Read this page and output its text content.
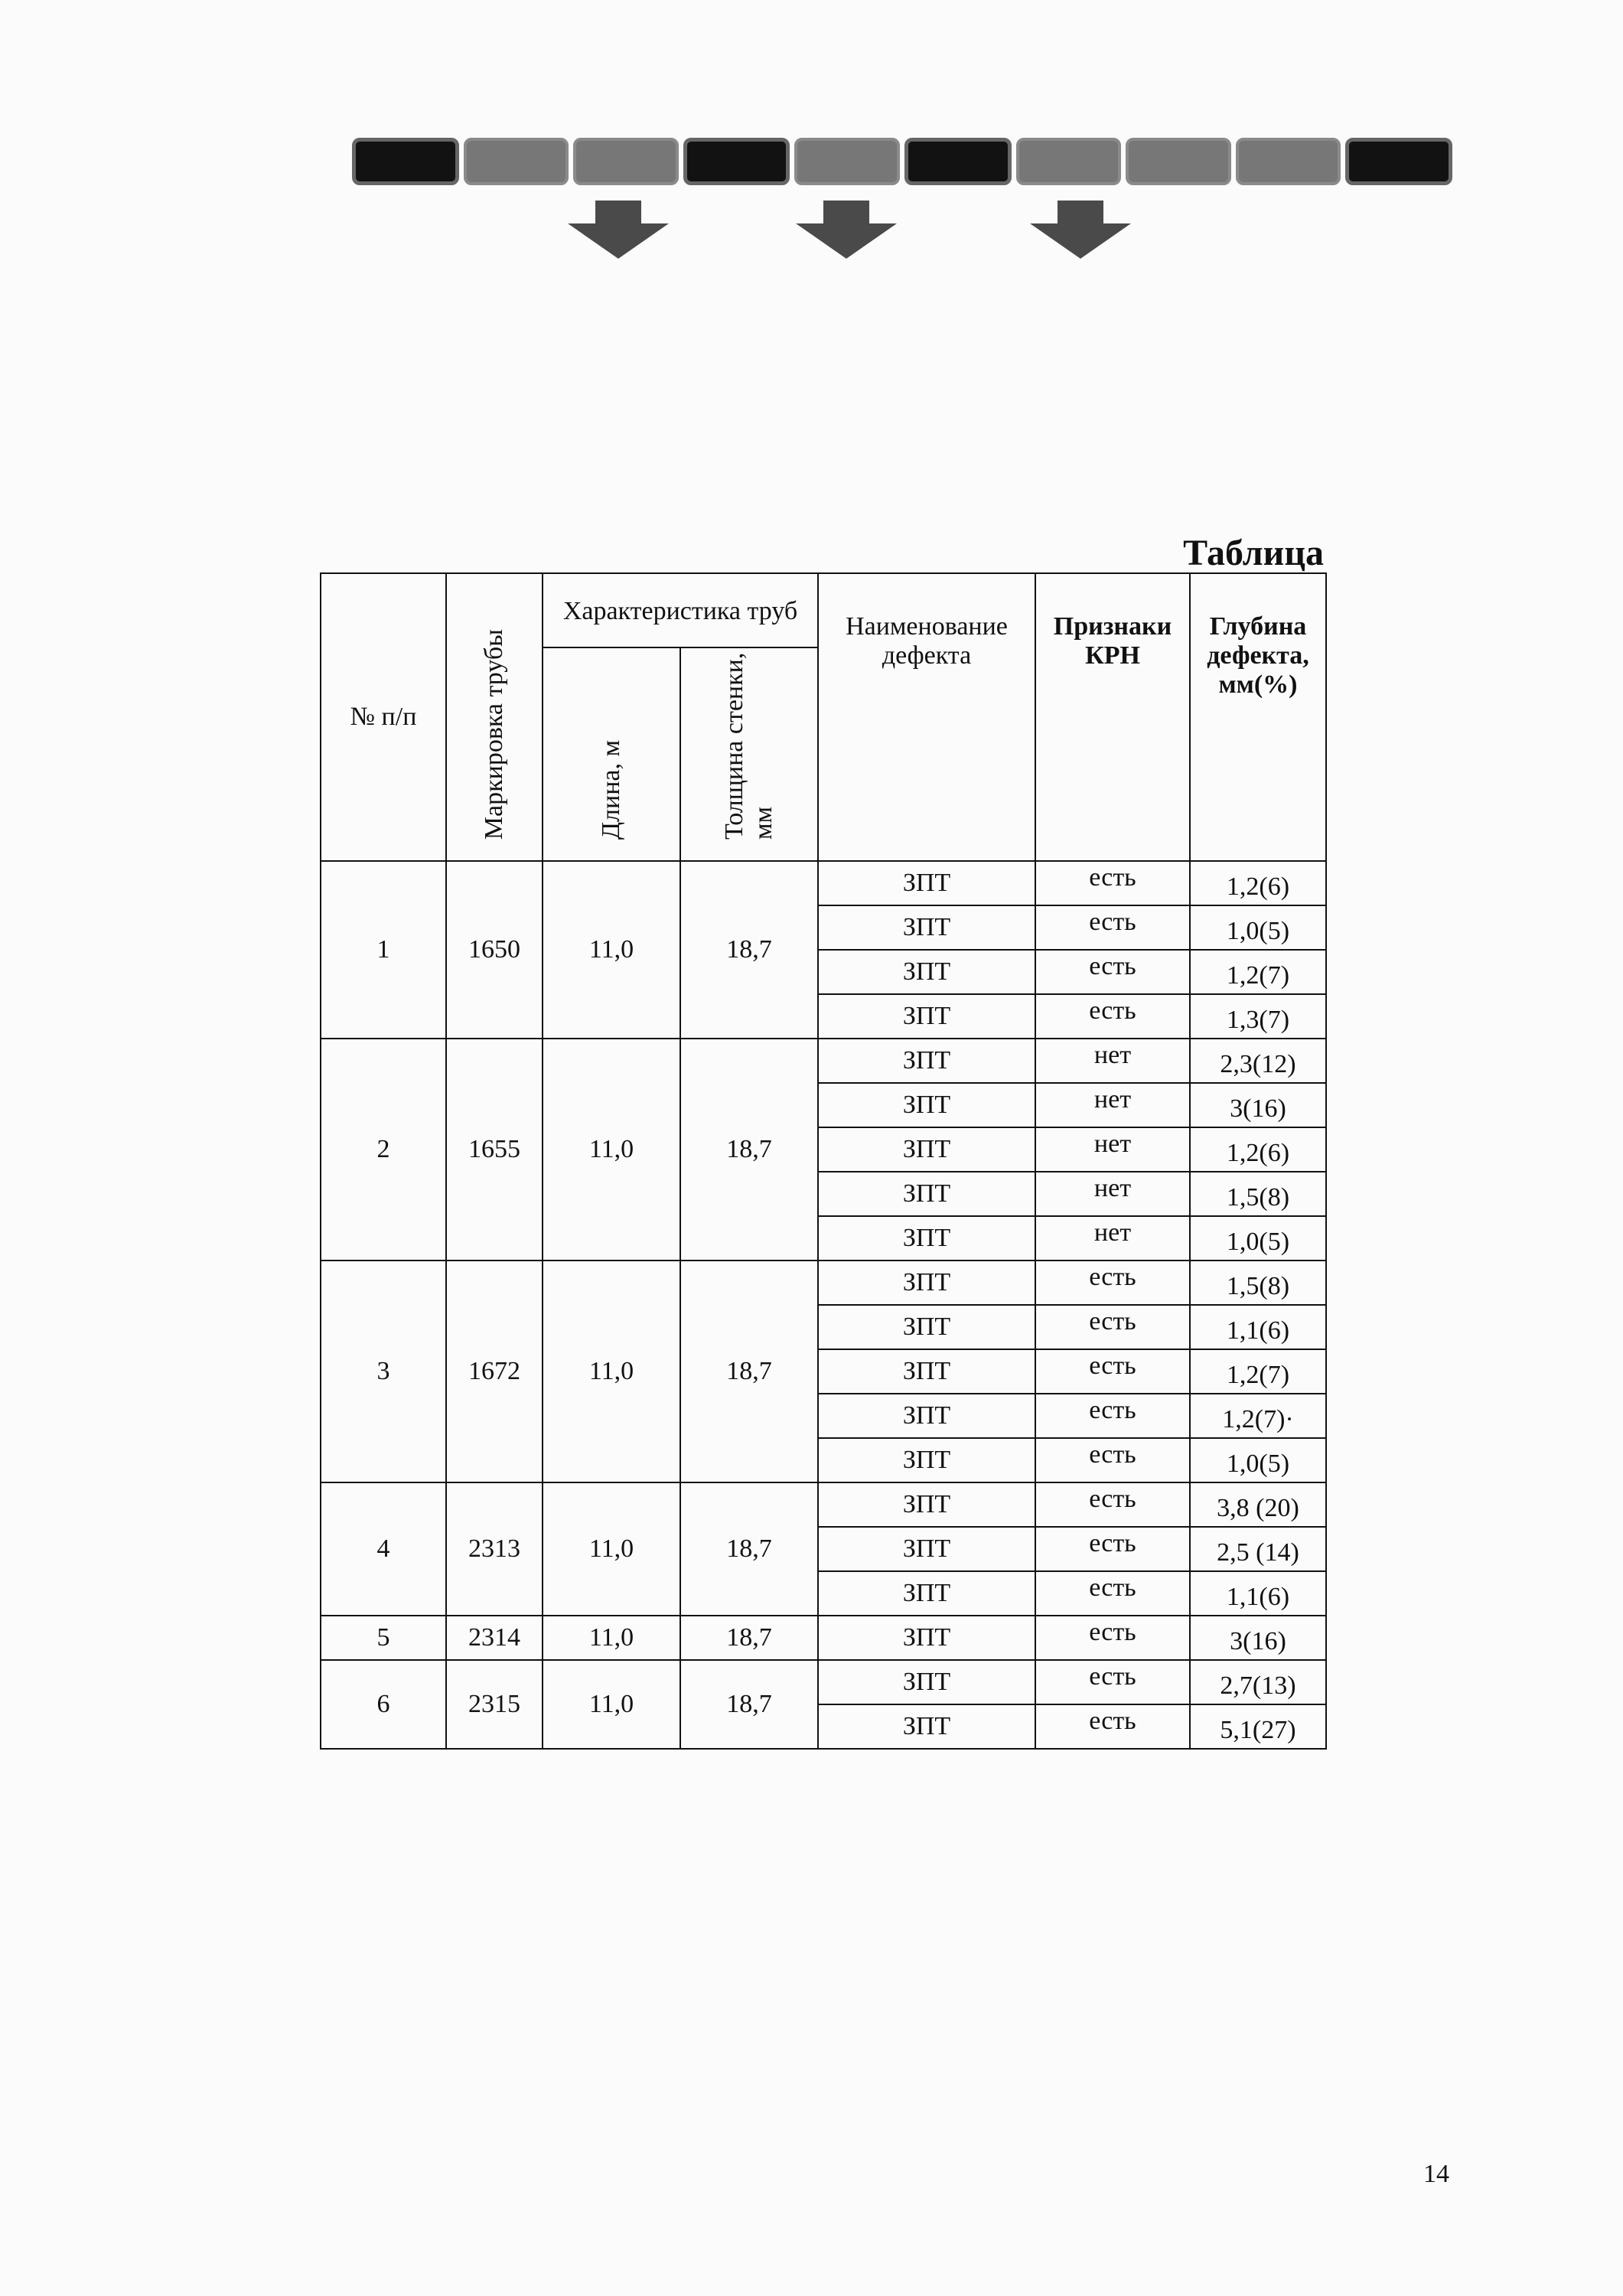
Таблица
№ п/п	Маркировка трубы	Характеристика труб		Наименование дефекта	Признаки КРН	Глубина дефекта, мм(%)
		Длина, м	Толщина стенки, мм			
1	1650	11,0	18,7	ЗПТ	есть	1,2(6)
				ЗПТ	есть	1,0(5)
				ЗПТ	есть	1,2(7)
				ЗПТ	есть	1,3(7)
2	1655	11,0	18,7	ЗПТ	нет	2,3(12)
				ЗПТ	нет	3(16)
				ЗПТ	нет	1,2(6)
				ЗПТ	нет	1,5(8)
				ЗПТ	нет	1,0(5)
3	1672	11,0	18,7	ЗПТ	есть	1,5(8)
				ЗПТ	есть	1,1(6)
				ЗПТ	есть	1,2(7)
				ЗПТ	есть	1,2(7)·
				ЗПТ	есть	1,0(5)
4	2313	11,0	18,7	ЗПТ	есть	3,8 (20)
				ЗПТ	есть	2,5 (14)
				ЗПТ	есть	1,1(6)
5	2314	11,0	18,7	ЗПТ	есть	3(16)
6	2315	11,0	18,7	ЗПТ	есть	2,7(13)
				ЗПТ	есть	5,1(27)
14
